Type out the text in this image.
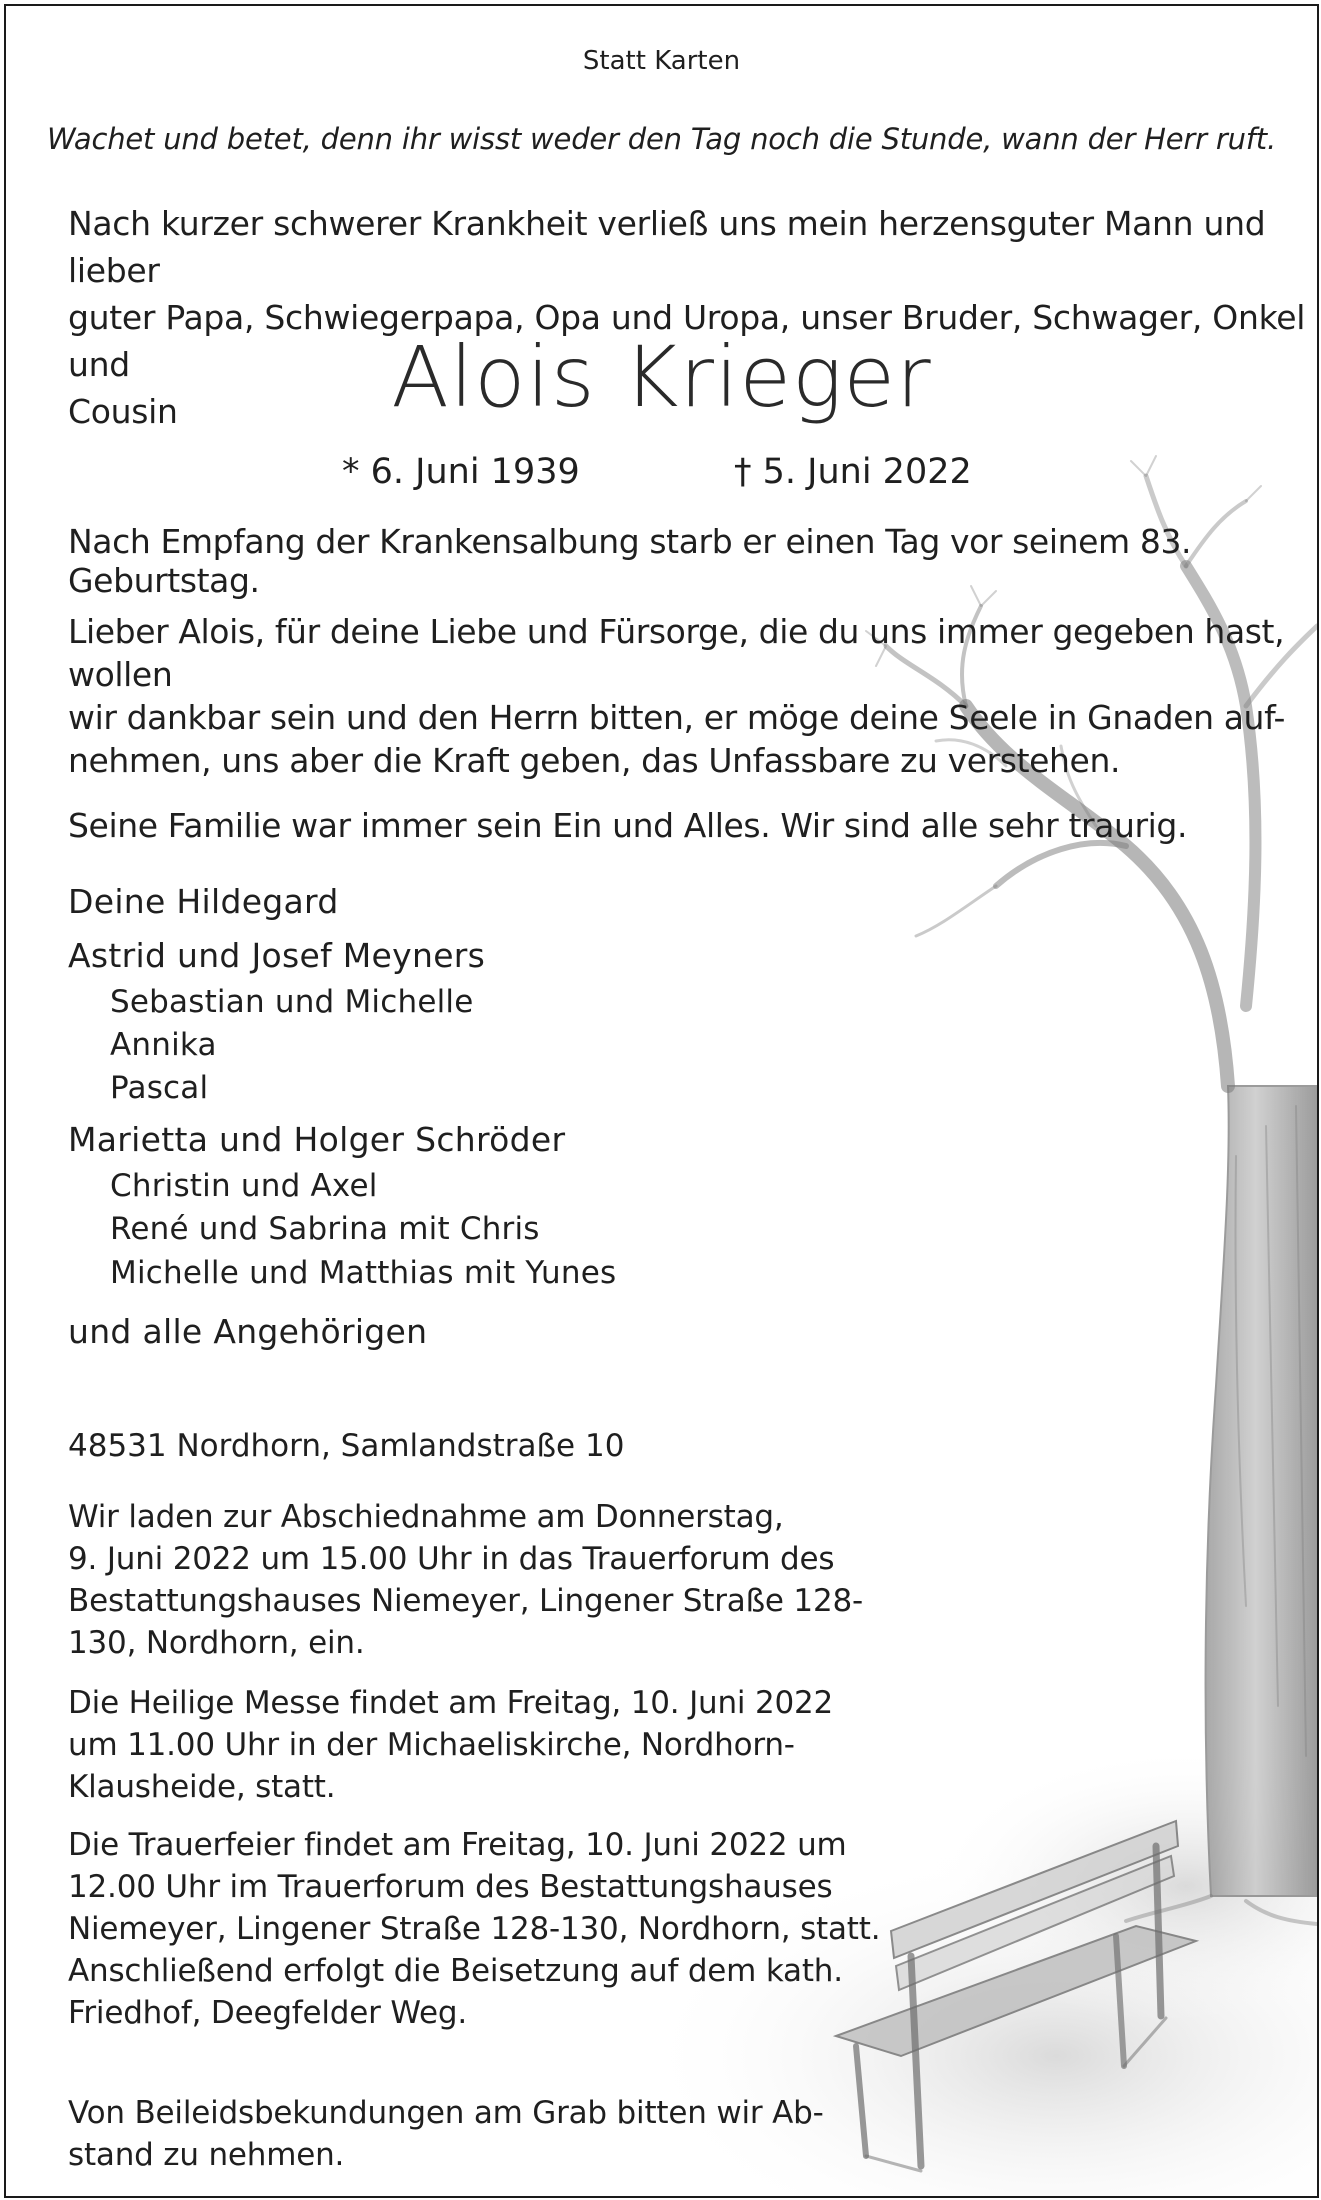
Statt Karten

Wachet und betet, denn ihr wisst weder den Tag noch die Stunde, wann der Herr ruft.

Nach kurzer schwerer Krankheit verließ uns mein herzensguter Mann und lieber
guter Papa, Schwiegerpapa, Opa und Uropa, unser Bruder, Schwager, Onkel und
Cousin	Alois Krieger

* 6. Juni 1939	† 5. Juni 2022

Nach Empfang der Krankensalbung starb er einen Tag vor seinem 83. Geburtstag.

Lieber Alois, für deine Liebe und Fürsorge, die du uns immer gegeben hast, wollen
wir dankbar sein und den Herrn bitten, er möge deine Seele in Gnaden auf-
nehmen, uns aber die Kraft geben, das Unfassbare zu verstehen.

Seine Familie war immer sein Ein und Alles. Wir sind alle sehr traurig.

Deine Hildegard

Astrid und Josef Meyners

Sebastian und Michelle

Annika

Pascal

Marietta und Holger Schröder

Christin und Axel

René und Sabrina mit Chris

Michelle und Matthias mit Yunes

und alle Angehörigen

48531 Nordhorn, Samlandstraße 10

Wir laden zur Abschiednahme am Donnerstag,
9. Juni 2022 um 15.00 Uhr in das Trauerforum des
Bestattungshauses Niemeyer, Lingener Straße 128-
130, Nordhorn, ein.

Die Heilige Messe findet am Freitag, 10. Juni 2022
um 11.00 Uhr in der Michaeliskirche, Nordhorn-
Klausheide, statt.

Die Trauerfeier findet am Freitag, 10. Juni 2022 um
12.00 Uhr im Trauerforum des Bestattungshauses
Niemeyer, Lingener Straße 128-130, Nordhorn, statt.
Anschließend erfolgt die Beisetzung auf dem kath.
Friedhof, Deegfelder Weg.

Von Beileidsbekundungen am Grab bitten wir Ab-
stand zu nehmen.
